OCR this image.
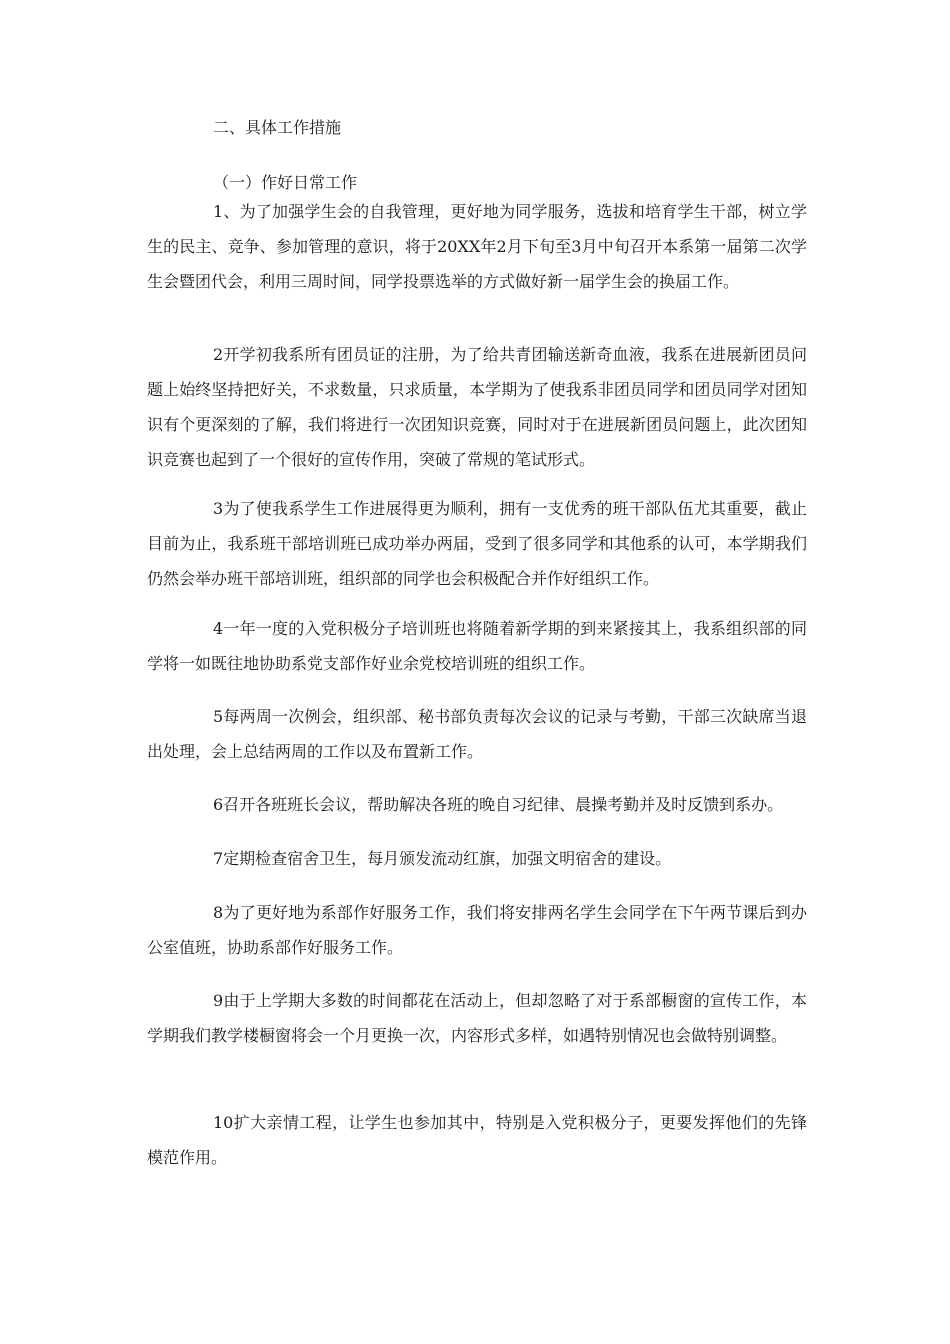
二、具体工作措施
（一）作好日常工作
1、为了加强学生会的自我管理，更好地为同学服务，选拔和培育学生干部，树立学生的民主、竞争、参加管理的意识，将于20XX年2月下旬至3月中旬召开本系第一届第二次学生会暨团代会，利用三周时间，同学投票选举的方式做好新一届学生会的换届工作。
2开学初我系所有团员证的注册，为了给共青团输送新奇血液，我系在进展新团员问题上始终坚持把好关，不求数量，只求质量，本学期为了使我系非团员同学和团员同学对团知识有个更深刻的了解，我们将进行一次团知识竞赛，同时对于在进展新团员问题上，此次团知识竞赛也起到了一个很好的宣传作用，突破了常规的笔试形式。
3为了使我系学生工作进展得更为顺利，拥有一支优秀的班干部队伍尤其重要，截止目前为止，我系班干部培训班已成功举办两届，受到了很多同学和其他系的认可，本学期我们仍然会举办班干部培训班，组织部的同学也会积极配合并作好组织工作。
4一年一度的入党积极分子培训班也将随着新学期的到来紧接其上，我系组织部的同学将一如既往地协助系党支部作好业余党校培训班的组织工作。
5每两周一次例会，组织部、秘书部负责每次会议的记录与考勤，干部三次缺席当退出处理，会上总结两周的工作以及布置新工作。
6召开各班班长会议，帮助解决各班的晚自习纪律、晨操考勤并及时反馈到系办。
7定期检查宿舍卫生，每月颁发流动红旗，加强文明宿舍的建设。
8为了更好地为系部作好服务工作，我们将安排两名学生会同学在下午两节课后到办公室值班，协助系部作好服务工作。
9由于上学期大多数的时间都花在活动上，但却忽略了对于系部橱窗的宣传工作，本学期我们教学楼橱窗将会一个月更换一次，内容形式多样，如遇特别情况也会做特别调整。
10扩大亲情工程，让学生也参加其中，特别是入党积极分子，更要发挥他们的先锋模范作用。
